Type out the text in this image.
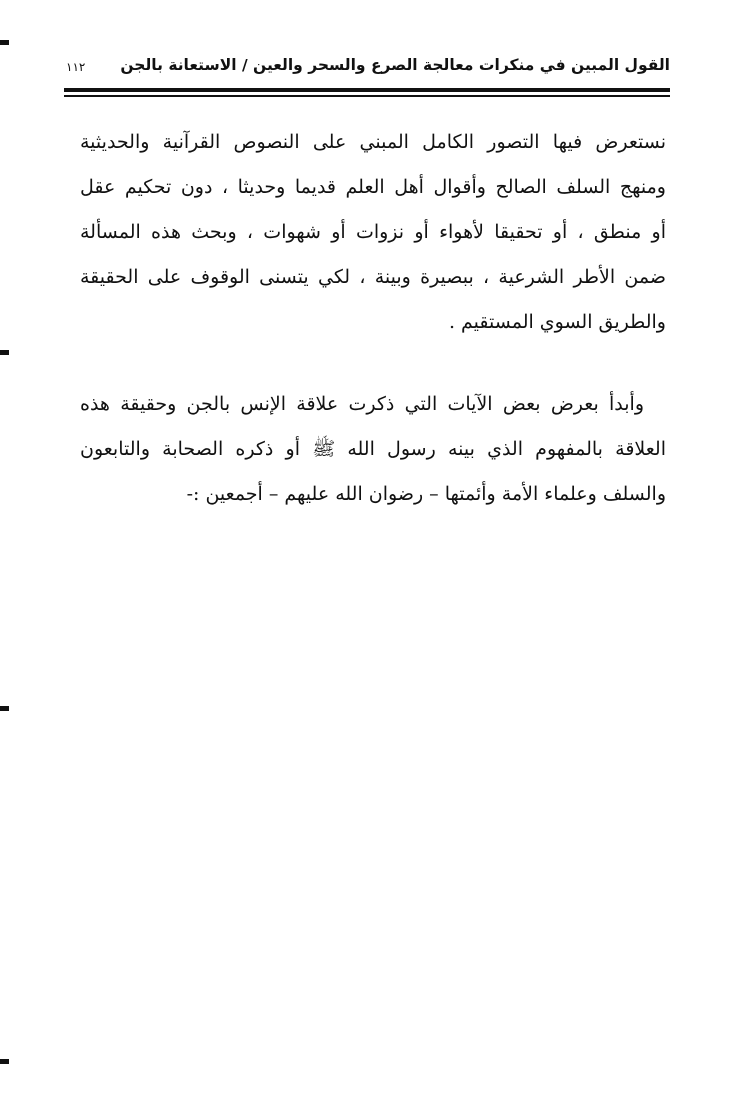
القول المبين في منكرات معالجة الصرع والسحر والعين / الاستعانة بالجن
١١٢
نستعرض فيها التصور الكامل المبني على النصوص القرآنية والحديثية
ومنهج السلف الصالح وأقوال أهل العلم قديما وحديثا ، دون تحكيم عقل
أو منطق ، أو تحقيقا لأهواء أو نزوات أو شهوات ، وبحث هذه المسألة
ضمن الأطر الشرعية ، ببصيرة وبينة ، لكي يتسنى الوقوف على الحقيقة
والطريق السوي المستقيم .
وأبدأ بعرض بعض الآيات التي ذكرت علاقة الإنس بالجن وحقيقة هذه
العلاقة بالمفهوم الذي بينه رسول الله ﷺ أو ذكره الصحابة والتابعون
والسلف وعلماء الأمة وأئمتها – رضوان الله عليهم – أجمعين :-
